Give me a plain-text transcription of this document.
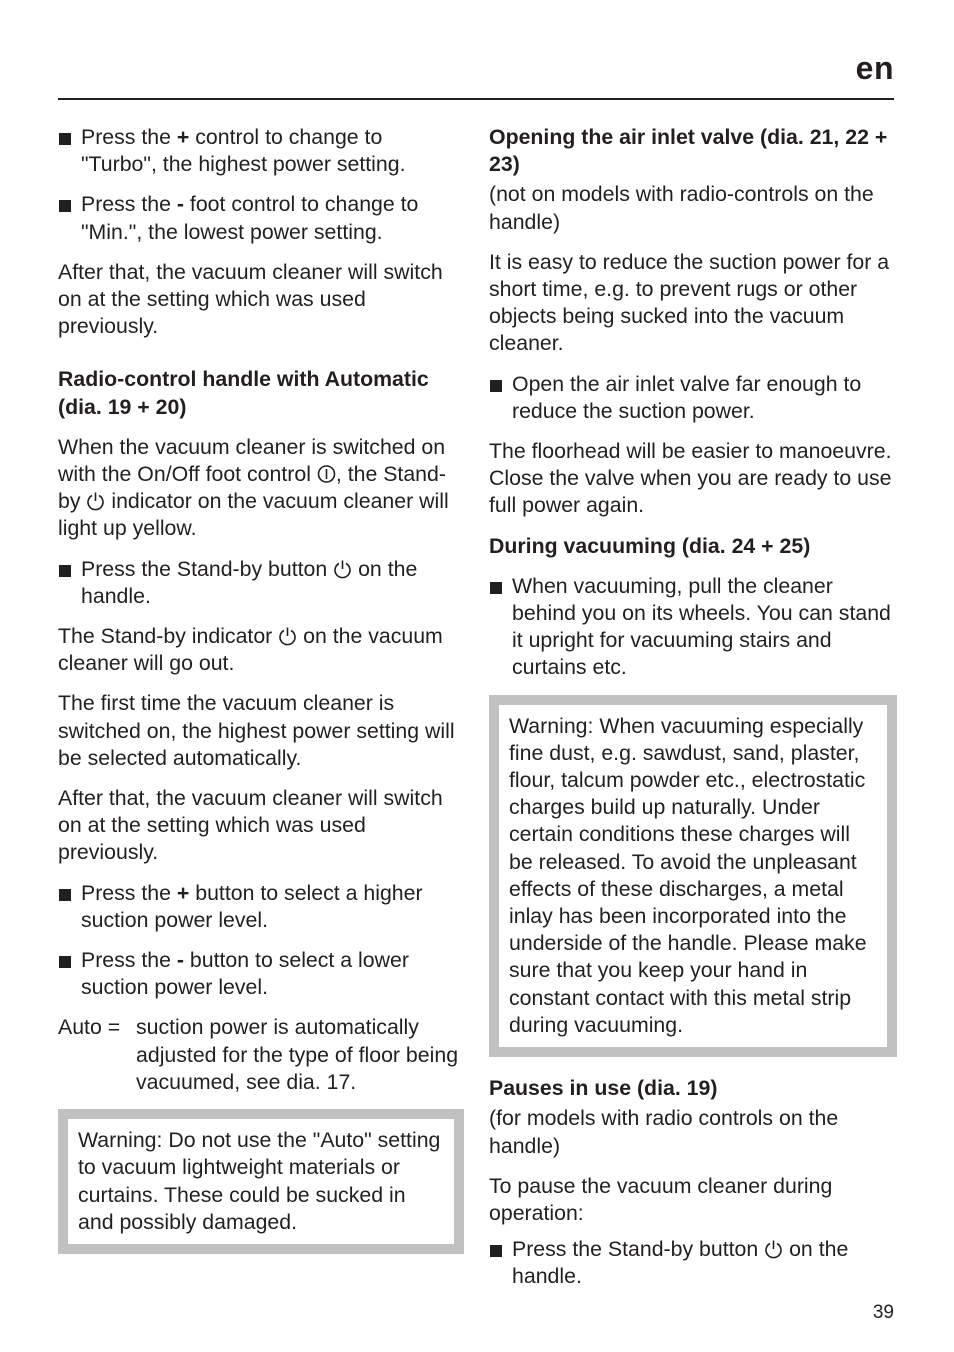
en
Press the + control to change to "Turbo", the highest power setting.
Press the - foot control to change to "Min.", the lowest power setting.

After that, the vacuum cleaner will switch on at the setting which was used previously.

Radio-control handle with Automatic (dia. 19 + 20)

When the vacuum cleaner is switched on with the On/Off foot control
, the Stand-by
indicator on the vacuum cleaner will light up yellow.

Press the Stand-by button
on the handle.

The Stand-by indicator
on the vacuum cleaner will go out.

The first time the vacuum cleaner is switched on, the highest power setting will be selected automatically.

After that, the vacuum cleaner will switch on at the setting which was used previously.

Press the + button to select a higher suction power level.
Press the - button to select a lower suction power level.
Auto = suction power is automatically adjusted for the type of floor being vacuumed, see dia. 17.
Warning: Do not use the "Auto" setting to vacuum lightweight materials or curtains. These could be sucked in and possibly damaged.
Opening the air inlet valve (dia. 21, 22 + 23)

(not on models with radio-controls on the handle)

It is easy to reduce the suction power for a short time, e.g. to prevent rugs or other objects being sucked into the vacuum cleaner.

Open the air inlet valve far enough to reduce the suction power.

The floorhead will be easier to manoeuvre. Close the valve when you are ready to use full power again.

During vacuuming (dia. 24 + 25)
When vacuuming, pull the cleaner behind you on its wheels. You can stand it upright for vacuuming stairs and curtains etc.
Warning: When vacuuming especially fine dust, e.g. sawdust, sand, plaster, flour, talcum powder etc., electrostatic charges build up naturally. Under certain conditions these charges will be released. To avoid the unpleasant effects of these discharges, a metal inlay has been incorporated into the underside of the handle. Please make sure that you keep your hand in constant contact with this metal strip during vacuuming.
Pauses in use (dia. 19)

(for models with radio controls on the handle)

To pause the vacuum cleaner during operation:

Press the Stand-by button
on the handle.
39
